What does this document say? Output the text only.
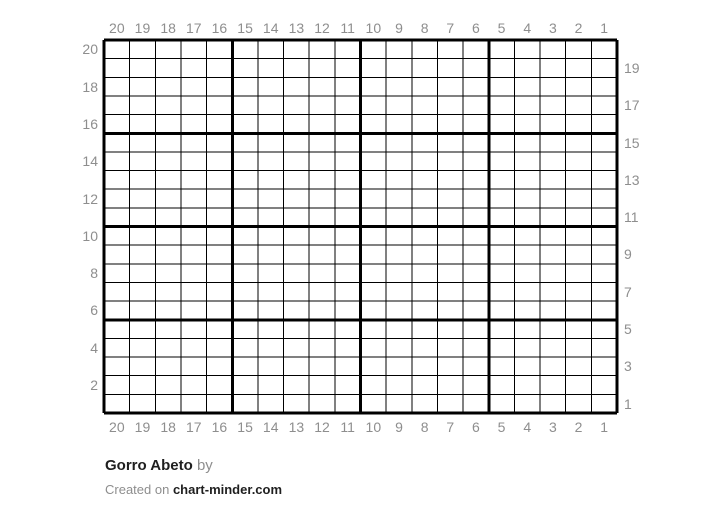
Gorro Abeto by
Created on chart-minder.com
20 19 18 17 16 15 14 13 12 11 10 9	8	7	6	5	4	3	2	1
20 19 18 17 16 15 14 13 12 11 10 9	8	7	6	5	4	3	2	1
20
18
16
14
12
10
8
6
4
2
19
17
15
13
11
9
7
5
3
1
